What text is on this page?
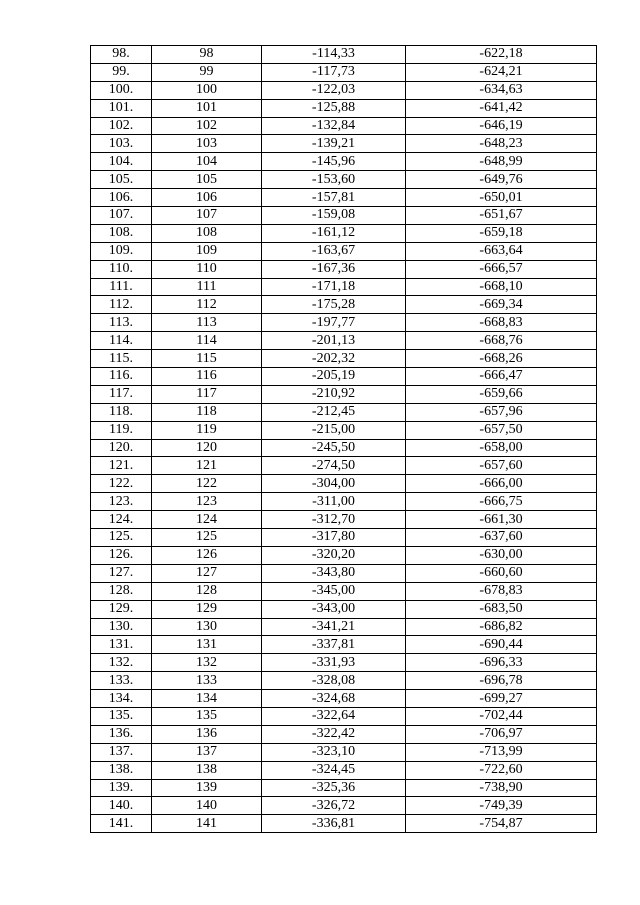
98.	98	-114,33	-622,18
99.	99	-117,73	-624,21
100.	100	-122,03	-634,63
101.	101	-125,88	-641,42
102.	102	-132,84	-646,19
103.	103	-139,21	-648,23
104.	104	-145,96	-648,99
105.	105	-153,60	-649,76
106.	106	-157,81	-650,01
107.	107	-159,08	-651,67
108.	108	-161,12	-659,18
109.	109	-163,67	-663,64
110.	110	-167,36	-666,57
111.	111	-171,18	-668,10
112.	112	-175,28	-669,34
113.	113	-197,77	-668,83
114.	114	-201,13	-668,76
115.	115	-202,32	-668,26
116.	116	-205,19	-666,47
117.	117	-210,92	-659,66
118.	118	-212,45	-657,96
119.	119	-215,00	-657,50
120.	120	-245,50	-658,00
121.	121	-274,50	-657,60
122.	122	-304,00	-666,00
123.	123	-311,00	-666,75
124.	124	-312,70	-661,30
125.	125	-317,80	-637,60
126.	126	-320,20	-630,00
127.	127	-343,80	-660,60
128.	128	-345,00	-678,83
129.	129	-343,00	-683,50
130.	130	-341,21	-686,82
131.	131	-337,81	-690,44
132.	132	-331,93	-696,33
133.	133	-328,08	-696,78
134.	134	-324,68	-699,27
135.	135	-322,64	-702,44
136.	136	-322,42	-706,97
137.	137	-323,10	-713,99
138.	138	-324,45	-722,60
139.	139	-325,36	-738,90
140.	140	-326,72	-749,39
141.	141	-336,81	-754,87
